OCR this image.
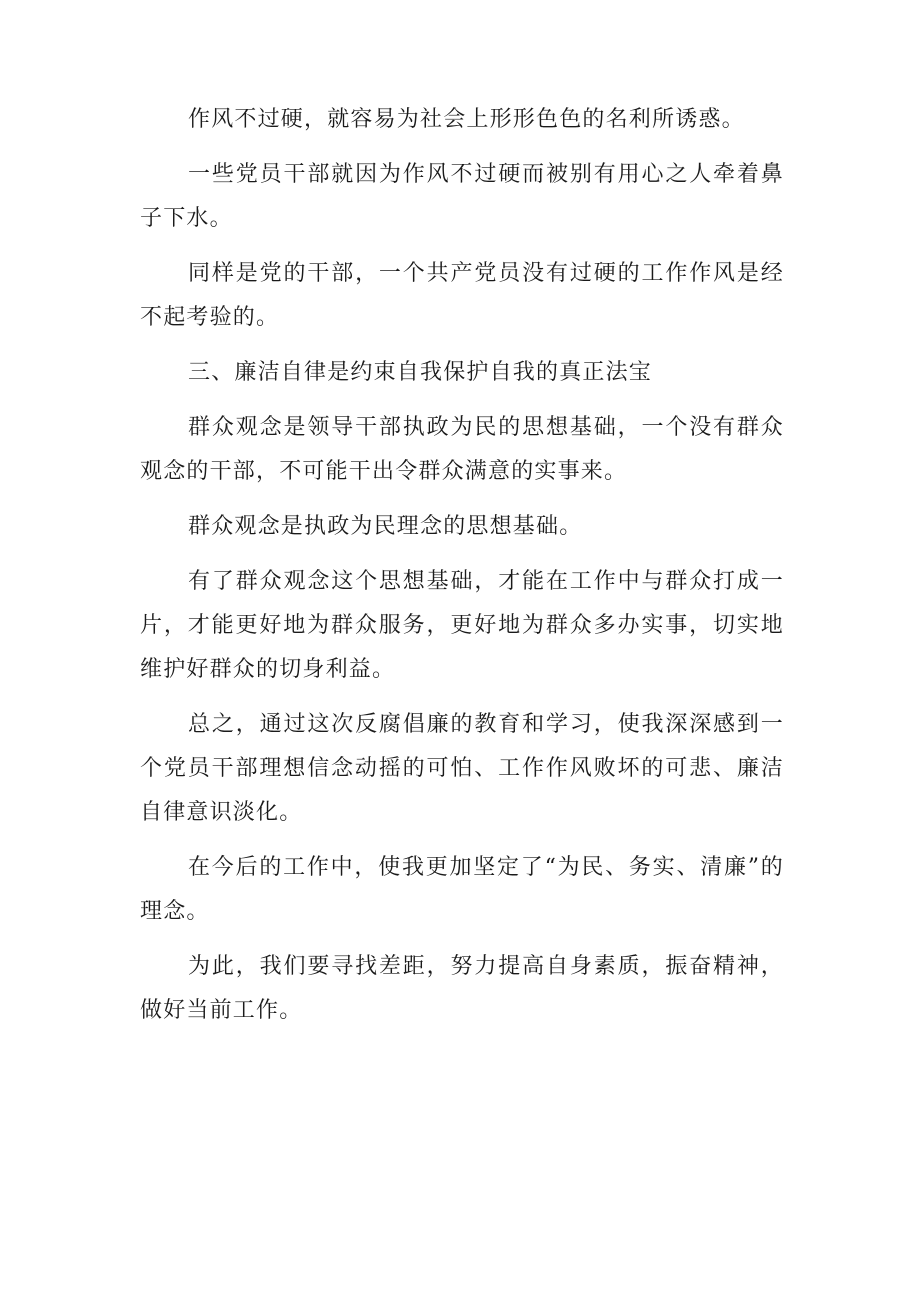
作风不过硬，就容易为社会上形形色色的名利所诱惑。

一些党员干部就因为作风不过硬而被别有用心之人牵着鼻子下水。

同样是党的干部，一个共产党员没有过硬的工作作风是经不起考验的。

三、廉洁自律是约束自我保护自我的真正法宝

群众观念是领导干部执政为民的思想基础，一个没有群众观念的干部，不可能干出令群众满意的实事来。

群众观念是执政为民理念的思想基础。

有了群众观念这个思想基础，才能在工作中与群众打成一片，才能更好地为群众服务，更好地为群众多办实事，切实地维护好群众的切身利益。

总之，通过这次反腐倡廉的教育和学习，使我深深感到一个党员干部理想信念动摇的可怕、工作作风败坏的可悲、廉洁自律意识淡化。

在今后的工作中，使我更加坚定了“为民、务实、清廉”的理念。

为此，我们要寻找差距，努力提高自身素质，振奋精神，做好当前工作。
